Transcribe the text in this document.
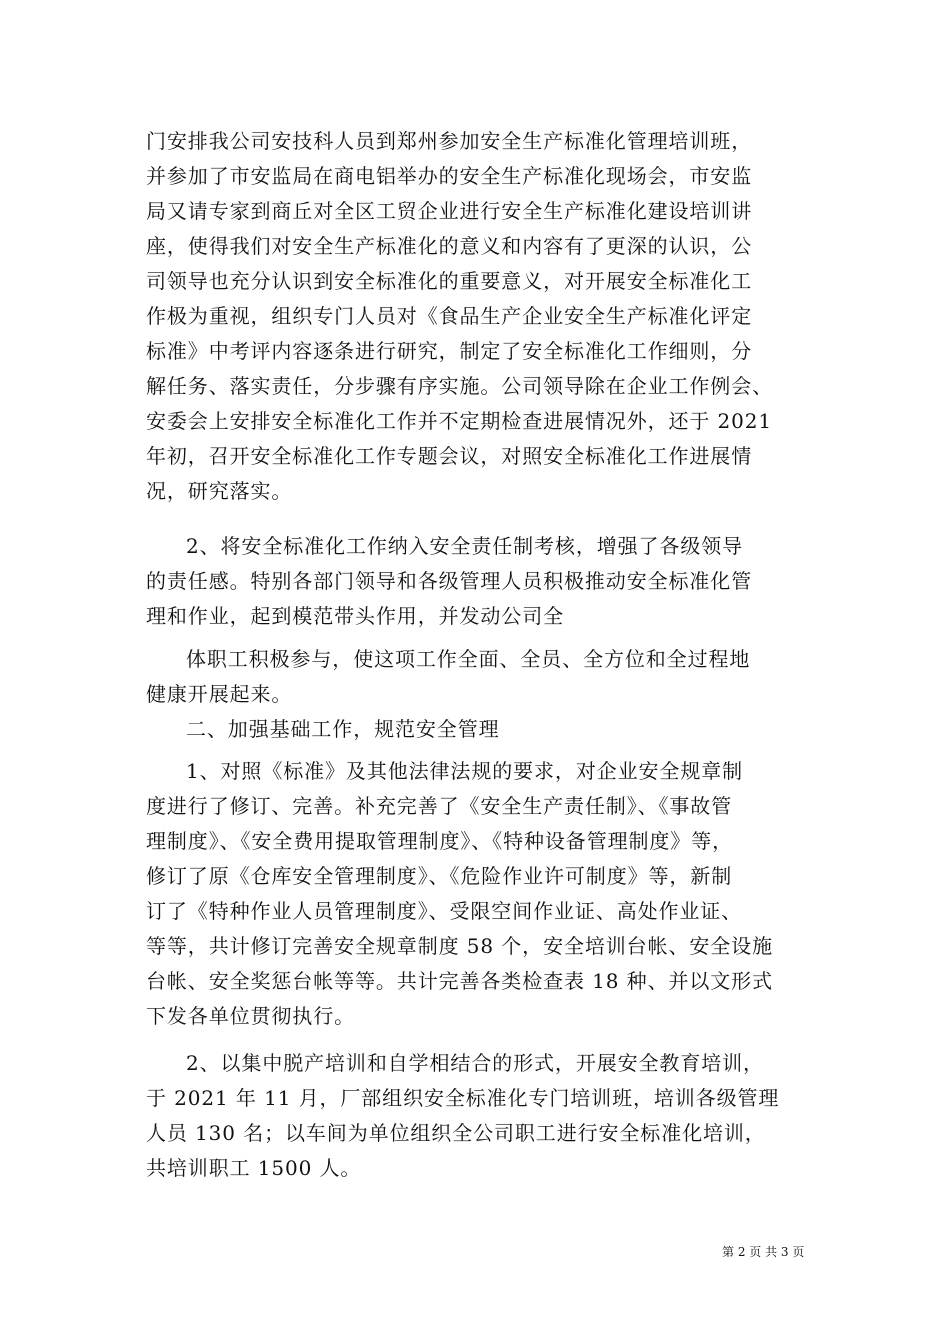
门安排我公司安技科人员到郑州参加安全生产标准化管理培训班，
并参加了市安监局在商电铝举办的安全生产标准化现场会，市安监
局又请专家到商丘对全区工贸企业进行安全生产标准化建设培训讲
座，使得我们对安全生产标准化的意义和内容有了更深的认识，公
司领导也充分认识到安全标准化的重要意义，对开展安全标准化工
作极为重视，组织专门人员对《食品生产企业安全生产标准化评定
标准》中考评内容逐条进行研究，制定了安全标准化工作细则，分
解任务、落实责任，分步骤有序实施。公司领导除在企业工作例会、
安委会上安排安全标准化工作并不定期检查进展情况外，还于 2021
年初，召开安全标准化工作专题会议，对照安全标准化工作进展情
况，研究落实。
2、将安全标准化工作纳入安全责任制考核，增强了各级领导
的责任感。特别各部门领导和各级管理人员积极推动安全标准化管
理和作业，起到模范带头作用，并发动公司全
体职工积极参与，使这项工作全面、全员、全方位和全过程地
健康开展起来。
二、加强基础工作，规范安全管理
1、对照《标准》及其他法律法规的要求，对企业安全规章制
度进行了修订、完善。补充完善了《安全生产责任制》、《事故管
理制度》、《安全费用提取管理制度》、《特种设备管理制度》等，
修订了原《仓库安全管理制度》、《危险作业许可制度》等，新制
订了《特种作业人员管理制度》、受限空间作业证、高处作业证、
等等，共计修订完善安全规章制度 58 个，安全培训台帐、安全设施
台帐、安全奖惩台帐等等。共计完善各类检查表 18 种、并以文形式
下发各单位贯彻执行。
2、以集中脱产培训和自学相结合的形式，开展安全教育培训，
于 2021 年 11 月，厂部组织安全标准化专门培训班，培训各级管理
人员 130 名；以车间为单位组织全公司职工进行安全标准化培训，
共培训职工 1500 人。
第 2 页 共 3 页
